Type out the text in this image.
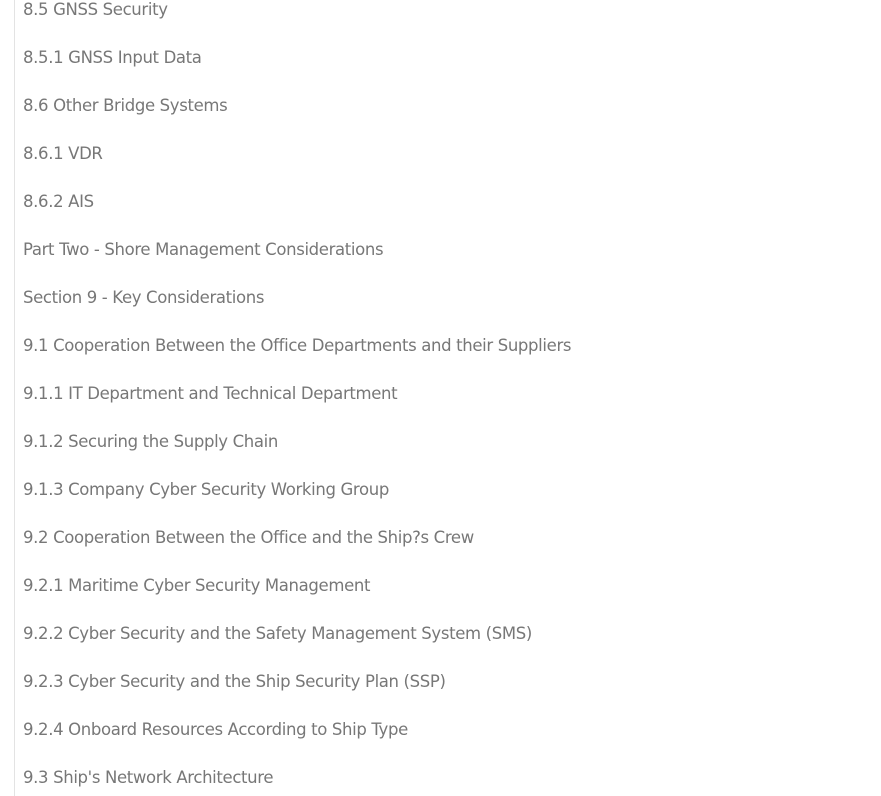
8.5 GNSS Security
8.5.1 GNSS Input Data
8.6 Other Bridge Systems
8.6.1 VDR
8.6.2 AIS
Part Two - Shore Management Considerations
Section 9 - Key Considerations
9.1 Cooperation Between the Office Departments and their Suppliers
9.1.1 IT Department and Technical Department
9.1.2 Securing the Supply Chain
9.1.3 Company Cyber Security Working Group
9.2 Cooperation Between the Office and the Ship?s Crew
9.2.1 Maritime Cyber Security Management
9.2.2 Cyber Security and the Safety Management System (SMS)
9.2.3 Cyber Security and the Ship Security Plan (SSP)
9.2.4 Onboard Resources According to Ship Type
9.3 Ship's Network Architecture
